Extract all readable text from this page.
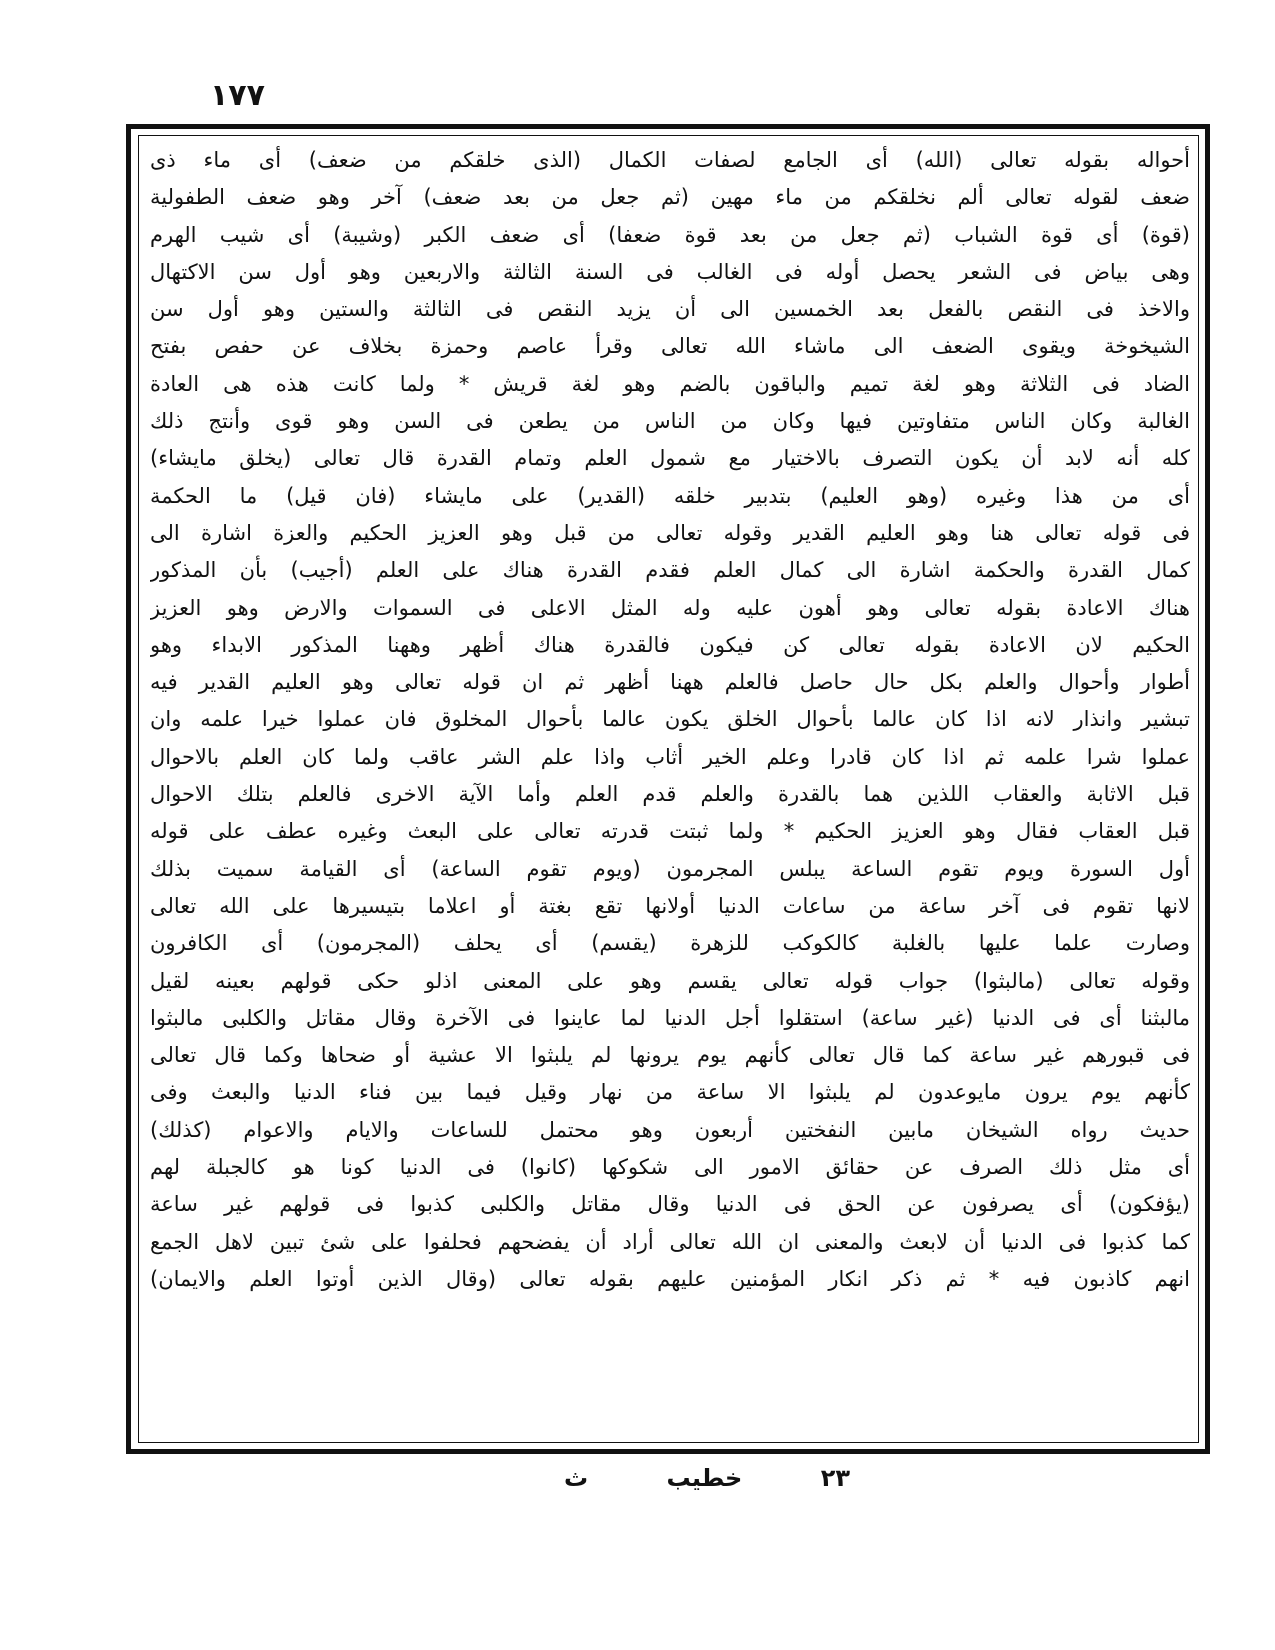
١٧٧
أحواله بقوله تعالى (الله) أى الجامع لصفات الكمال (الذى خلقكم من ضعف) أى ماء ذى
ضعف لقوله تعالى ألم نخلقكم من ماء مهين (ثم جعل من بعد ضعف) آخر وهو ضعف الطفولية
(قوة) أى قوة الشباب (ثم جعل من بعد قوة ضعفا) أى ضعف الكبر (وشيبة) أى شيب الهرم
وهى بياض فى الشعر يحصل أوله فى الغالب فى السنة الثالثة والاربعين وهو أول سن الاكتهال
والاخذ فى النقص بالفعل بعد الخمسين الى أن يزيد النقص فى الثالثة والستين وهو أول سن
الشيخوخة ويقوى الضعف الى ماشاء الله تعالى وقرأ عاصم وحمزة بخلاف عن حفص بفتح
الضاد فى الثلاثة وهو لغة تميم والباقون بالضم وهو لغة قريش * ولما كانت هذه هى العادة
الغالبة وكان الناس متفاوتين فيها وكان من الناس من يطعن فى السن وهو قوى وأنتج ذلك
كله أنه لابد أن يكون التصرف بالاختيار مع شمول العلم وتمام القدرة قال تعالى (يخلق مايشاء)
أى من هذا وغيره (وهو العليم) بتدبير خلقه (القدير) على مايشاء (فان قيل) ما الحكمة
فى قوله تعالى هنا وهو العليم القدير وقوله تعالى من قبل وهو العزيز الحكيم والعزة اشارة الى
كمال القدرة والحكمة اشارة الى كمال العلم فقدم القدرة هناك على العلم (أجيب) بأن المذكور
هناك الاعادة بقوله تعالى وهو أهون عليه وله المثل الاعلى فى السموات والارض وهو العزيز
الحكيم لان الاعادة بقوله تعالى كن فيكون فالقدرة هناك أظهر وههنا المذكور الابداء وهو
أطوار وأحوال والعلم بكل حال حاصل فالعلم ههنا أظهر ثم ان قوله تعالى وهو العليم القدير فيه
تبشير وانذار لانه اذا كان عالما بأحوال الخلق يكون عالما بأحوال المخلوق فان عملوا خيرا علمه وان
عملوا شرا علمه ثم اذا كان قادرا وعلم الخير أثاب واذا علم الشر عاقب ولما كان العلم بالاحوال
قبل الاثابة والعقاب اللذين هما بالقدرة والعلم قدم العلم وأما الآية الاخرى فالعلم بتلك الاحوال
قبل العقاب فقال وهو العزيز الحكيم * ولما ثبتت قدرته تعالى على البعث وغيره عطف على قوله
أول السورة ويوم تقوم الساعة يبلس المجرمون (ويوم تقوم الساعة) أى القيامة سميت بذلك
لانها تقوم فى آخر ساعة من ساعات الدنيا أولانها تقع بغتة أو اعلاما بتيسيرها على الله تعالى
وصارت علما عليها بالغلبة كالكوكب للزهرة (يقسم) أى يحلف (المجرمون) أى الكافرون
وقوله تعالى (مالبثوا) جواب قوله تعالى يقسم وهو على المعنى اذلو حكى قولهم بعينه لقيل
مالبثنا أى فى الدنيا (غير ساعة) استقلوا أجل الدنيا لما عاينوا فى الآخرة وقال مقاتل والكلبى مالبثوا
فى قبورهم غير ساعة كما قال تعالى كأنهم يوم يرونها لم يلبثوا الا عشية أو ضحاها وكما قال تعالى
كأنهم يوم يرون مايوعدون لم يلبثوا الا ساعة من نهار وقيل فيما بين فناء الدنيا والبعث وفى
حديث رواه الشيخان مابين النفختين أربعون وهو محتمل للساعات والايام والاعوام (كذلك)
أى مثل ذلك الصرف عن حقائق الامور الى شكوكها (كانوا) فى الدنيا كونا هو كالجبلة لهم
(يؤفكون) أى يصرفون عن الحق فى الدنيا وقال مقاتل والكلبى كذبوا فى قولهم غير ساعة
كما كذبوا فى الدنيا أن لابعث والمعنى ان الله تعالى أراد أن يفضحهم فحلفوا على شئ تبين لاهل الجمع
انهم كاذبون فيه * ثم ذكر انكار المؤمنين عليهم بقوله تعالى (وقال الذين أوتوا العلم والايمان)
٢٣ خطيب ث
